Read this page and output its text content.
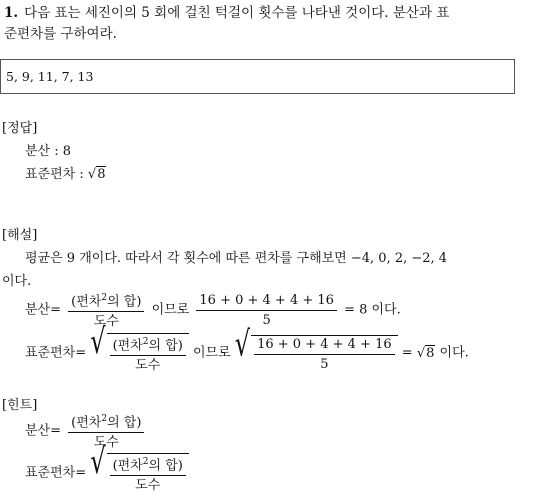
1. 다음 표는 세진이의 5 회에 걸친 턱걸이 횟수를 나타낸 것이다. 분산과 표
준편차를 구하여라.
5, 9, 11, 7, 13
[정답]
분산 : 8
표준편차 : √8
[해설]
평균은 9 개이다. 따라서 각 횟수에 따른 편차를 구해보면 −4, 0, 2, −2, 4
이다.
분산= $\frac{(편차^2의 합)}{\text{도수}}$ 이므로 $\frac{16 + 0 + 4 + 4 + 16}{5} = 8$ 이다.
표준편차= √ $\frac{(편차^2의 합)}{\text{도수}}$ 이므로 √ $\frac{16 + 0 + 4 + 4 + 16}{5} = √8$ 이다.
[힌트]
분산= $\frac{(편차^2의 합)}{\text{도수}}$
표준편차= √ $\frac{(편차^2의 합)}{\text{도수}}$
